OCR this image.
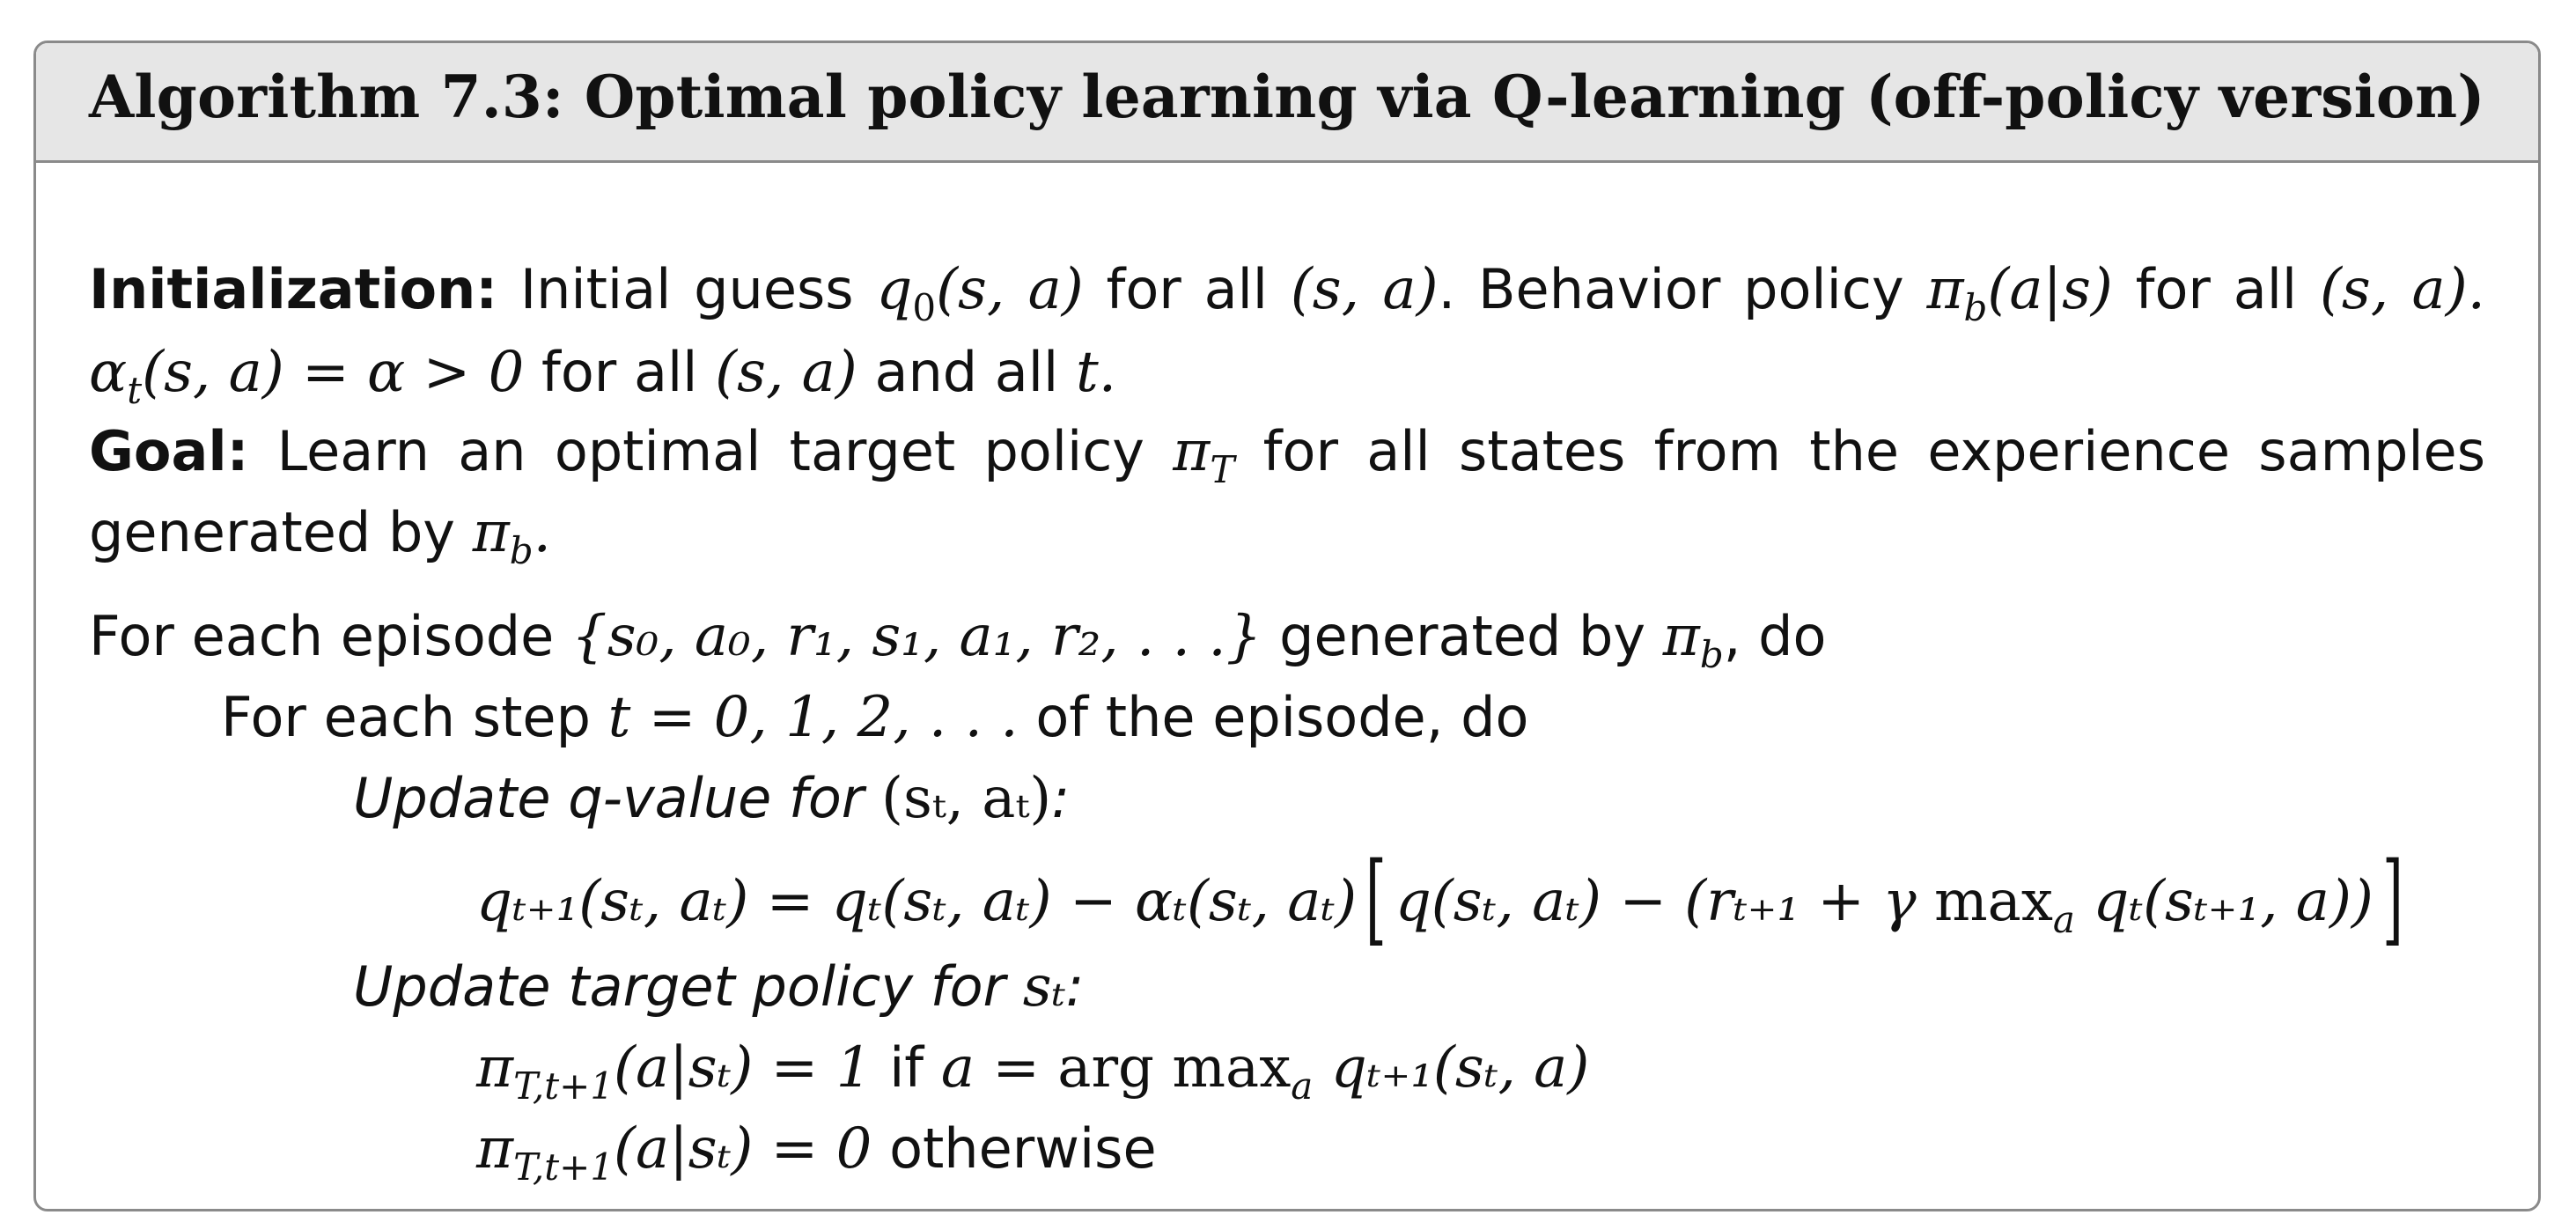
Algorithm 7.3: Optimal policy learning via Q-learning (off-policy version)
Initialization: Initial guess $q_0(s$, a) for all (s, a). Behavior policy $\pi_b(a|s)$ for all (s, a).
$\alpha_t(s$, a) = α > 0 for all (s, a) and all t.
Goal: Learn an optimal target policy $\pi_T$ for all states from the experience samples
generated by $\pi_b$.
For each episode {s₀, a₀, r₁, s₁, a₁, r₂, . . .} generated by $\pi_b$, do
For each step t = 0, 1, 2, . . . of the episode, do
Update q-value for (sₜ, aₜ):
qₜ₊₁(sₜ, aₜ) = qₜ(sₜ, aₜ) − αₜ(sₜ, aₜ)[ q(sₜ, aₜ) − (rₜ₊₁ + γ $\max_a q_t(s_{t+1}$, a))]
Update target policy for sₜ:
$\pi_{T,t+1}(a|s_t) = 1$ if a = arg $\max_a q_{t+1}(s_t$, a)
$\pi_{T,t+1}(a|s_t) = 0$ otherwise
